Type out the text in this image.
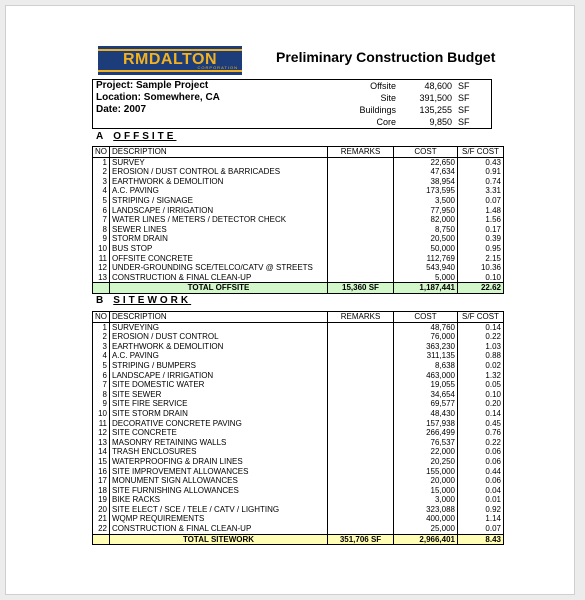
RMDALTON
CORPORATION
Preliminary Construction Budget
Project: Sample Project	Offsite	48,600	SF
Location: Somewhere, CA	Site	391,500	SF
Date: 2007	Buildings	135,255	SF
	Core	9,850	SF
A OFFSITE
NO	DESCRIPTION	REMARKS	COST	S/F COST
1	SURVEY		22,650	0.43
2	EROSION / DUST CONTROL & BARRICADES		47,634	0.91
3	EARTHWORK & DEMOLITION		38,954	0.74
4	A.C. PAVING		173,595	3.31
5	STRIPING / SIGNAGE		3,500	0.07
6	LANDSCAPE / IRRIGATION		77,950	1.48
7	WATER LINES / METERS / DETECTOR CHECK		82,000	1.56
8	SEWER LINES		8,750	0.17
9	STORM DRAIN		20,500	0.39
10	BUS STOP		50,000	0.95
11	OFFSITE CONCRETE		112,769	2.15
12	UNDER-GROUNDING SCE/TELCO/CATV @ STREETS		543,940	10.36
13	CONSTRUCTION & FINAL CLEAN-UP		5,000	0.10
	TOTAL OFFSITE	15,360 SF	1,187,441	22.62
B SITEWORK
NO	DESCRIPTION	REMARKS	COST	S/F COST
1	SURVEYING		48,760	0.14
2	EROSION / DUST CONTROL		76,000	0.22
3	EARTHWORK & DEMOLITION		363,230	1.03
4	A.C. PAVING		311,135	0.88
5	STRIPING / BUMPERS		8,638	0.02
6	LANDSCAPE / IRRIGATION		463,000	1.32
7	SITE DOMESTIC WATER		19,055	0.05
8	SITE SEWER		34,654	0.10
9	SITE FIRE SERVICE		69,577	0.20
10	SITE STORM DRAIN		48,430	0.14
11	DECORATIVE CONCRETE PAVING		157,938	0.45
12	SITE CONCRETE		266,499	0.76
13	MASONRY RETAINING WALLS		76,537	0.22
14	TRASH ENCLOSURES		22,000	0.06
15	WATERPROOFING & DRAIN LINES		20,250	0.06
16	SITE IMPROVEMENT ALLOWANCES		155,000	0.44
17	MONUMENT SIGN ALLOWANCES		20,000	0.06
18	SITE FURNISHING ALLOWANCES		15,000	0.04
19	BIKE RACKS		3,000	0.01
20	SITE ELECT / SCE / TELE / CATV / LIGHTING		323,088	0.92
21	WQMP REQUIREMENTS		400,000	1.14
22	CONSTRUCTION & FINAL CLEAN-UP		25,000	0.07
	TOTAL SITEWORK	351,706 SF	2,966,401	8.43
